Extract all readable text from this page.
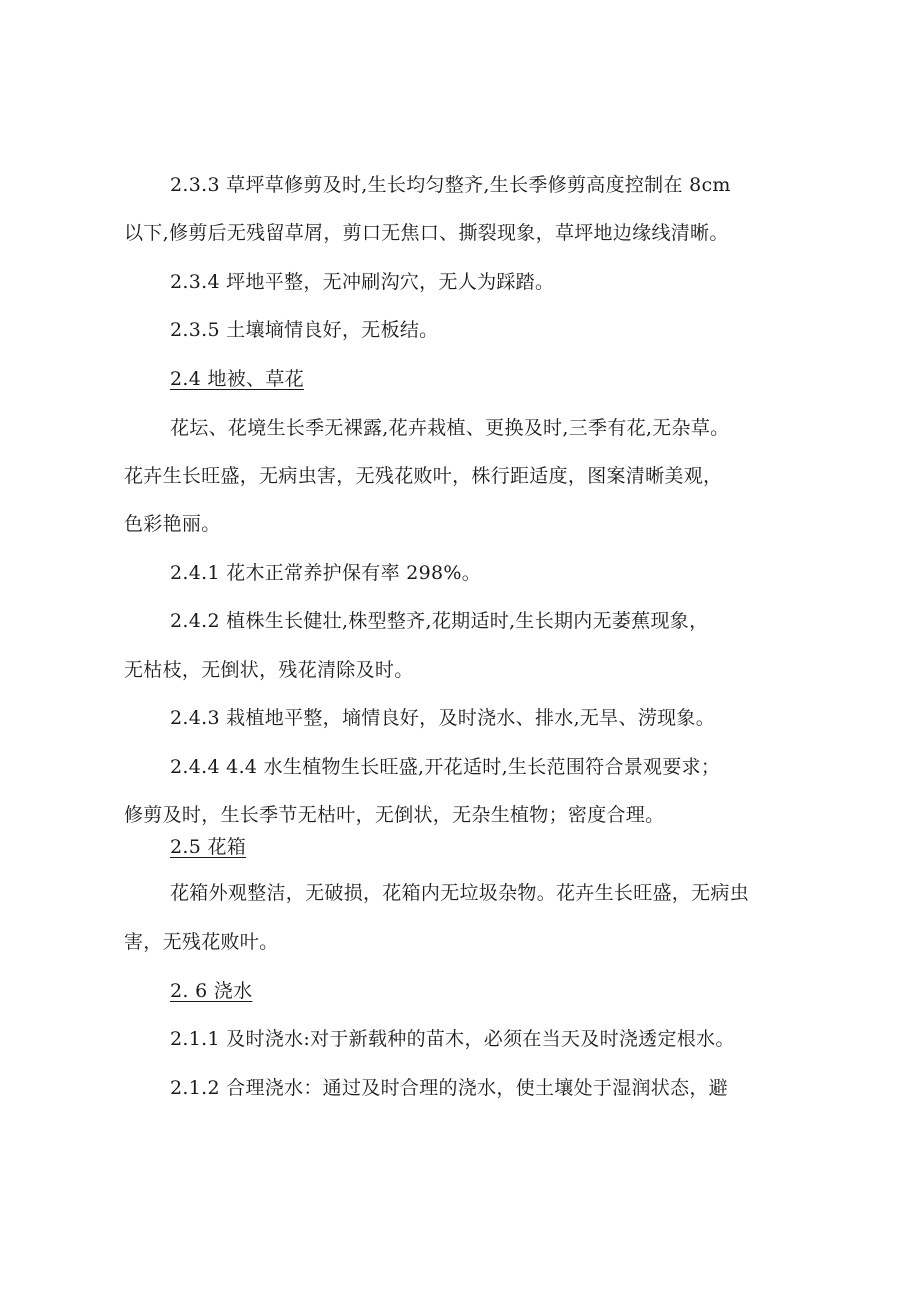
2.3.3 草坪草修剪及时,生长均匀整齐,生长季修剪高度控制在 8cm
以下,修剪后无残留草屑，剪口无焦口、撕裂现象，草坪地边缘线清晰。
2.3.4 坪地平整，无冲刷沟穴，无人为踩踏。
2.3.5 土壤墒情良好，无板结。
2.4 地被、草花
花坛、花境生长季无裸露,花卉栽植、更换及时,三季有花,无杂草。
花卉生长旺盛，无病虫害，无残花败叶，株行距适度，图案清晰美观，
色彩艳丽。
2.4.1 花木正常养护保有率 298%。
2.4.2 植株生长健壮,株型整齐,花期适时,生长期内无萎蕉现象，
无枯枝，无倒状，残花清除及时。
2.4.3 栽植地平整，墒情良好，及时浇水、排水,无旱、涝现象。
2.4.4 4.4 水生植物生长旺盛,开花适时,生长范围符合景观要求；
修剪及时，生长季节无枯叶，无倒状，无杂生植物；密度合理。
2.5 花箱
花箱外观整洁，无破损，花箱内无垃圾杂物。花卉生长旺盛，无病虫
害，无残花败叶。
2. 6 浇水
2.1.1 及时浇水:对于新载种的苗木，必须在当天及时浇透定根水。
2.1.2 合理浇水：通过及时合理的浇水，使土壤处于湿润状态，避
